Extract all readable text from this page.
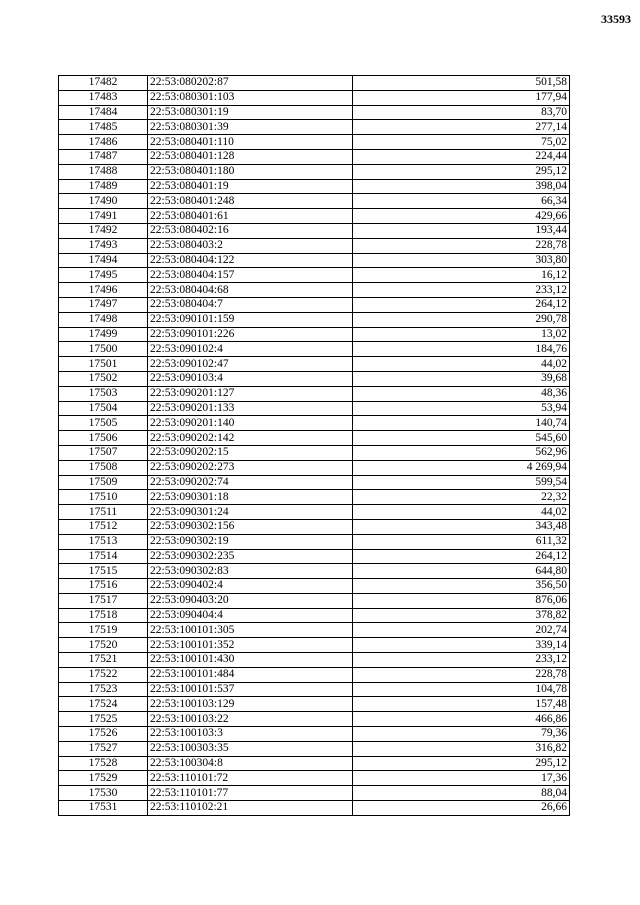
33593
17482	22:53:080202:87	501,58
17483	22:53:080301:103	177,94
17484	22:53:080301:19	83,70
17485	22:53:080301:39	277,14
17486	22:53:080401:110	75,02
17487	22:53:080401:128	224,44
17488	22:53:080401:180	295,12
17489	22:53:080401:19	398,04
17490	22:53:080401:248	66,34
17491	22:53:080401:61	429,66
17492	22:53:080402:16	193,44
17493	22:53:080403:2	228,78
17494	22:53:080404:122	303,80
17495	22:53:080404:157	16,12
17496	22:53:080404:68	233,12
17497	22:53:080404:7	264,12
17498	22:53:090101:159	290,78
17499	22:53:090101:226	13,02
17500	22:53:090102:4	184,76
17501	22:53:090102:47	44,02
17502	22:53:090103:4	39,68
17503	22:53:090201:127	48,36
17504	22:53:090201:133	53,94
17505	22:53:090201:140	140,74
17506	22:53:090202:142	545,60
17507	22:53:090202:15	562,96
17508	22:53:090202:273	4 269,94
17509	22:53:090202:74	599,54
17510	22:53:090301:18	22,32
17511	22:53:090301:24	44,02
17512	22:53:090302:156	343,48
17513	22:53:090302:19	611,32
17514	22:53:090302:235	264,12
17515	22:53:090302:83	644,80
17516	22:53:090402:4	356,50
17517	22:53:090403:20	876,06
17518	22:53:090404:4	378,82
17519	22:53:100101:305	202,74
17520	22:53:100101:352	339,14
17521	22:53:100101:430	233,12
17522	22:53:100101:484	228,78
17523	22:53:100101:537	104,78
17524	22:53:100103:129	157,48
17525	22:53:100103:22	466,86
17526	22:53:100103:3	79,36
17527	22:53:100303:35	316,82
17528	22:53:100304:8	295,12
17529	22:53:110101:72	17,36
17530	22:53:110101:77	88,04
17531	22:53:110102:21	26,66
